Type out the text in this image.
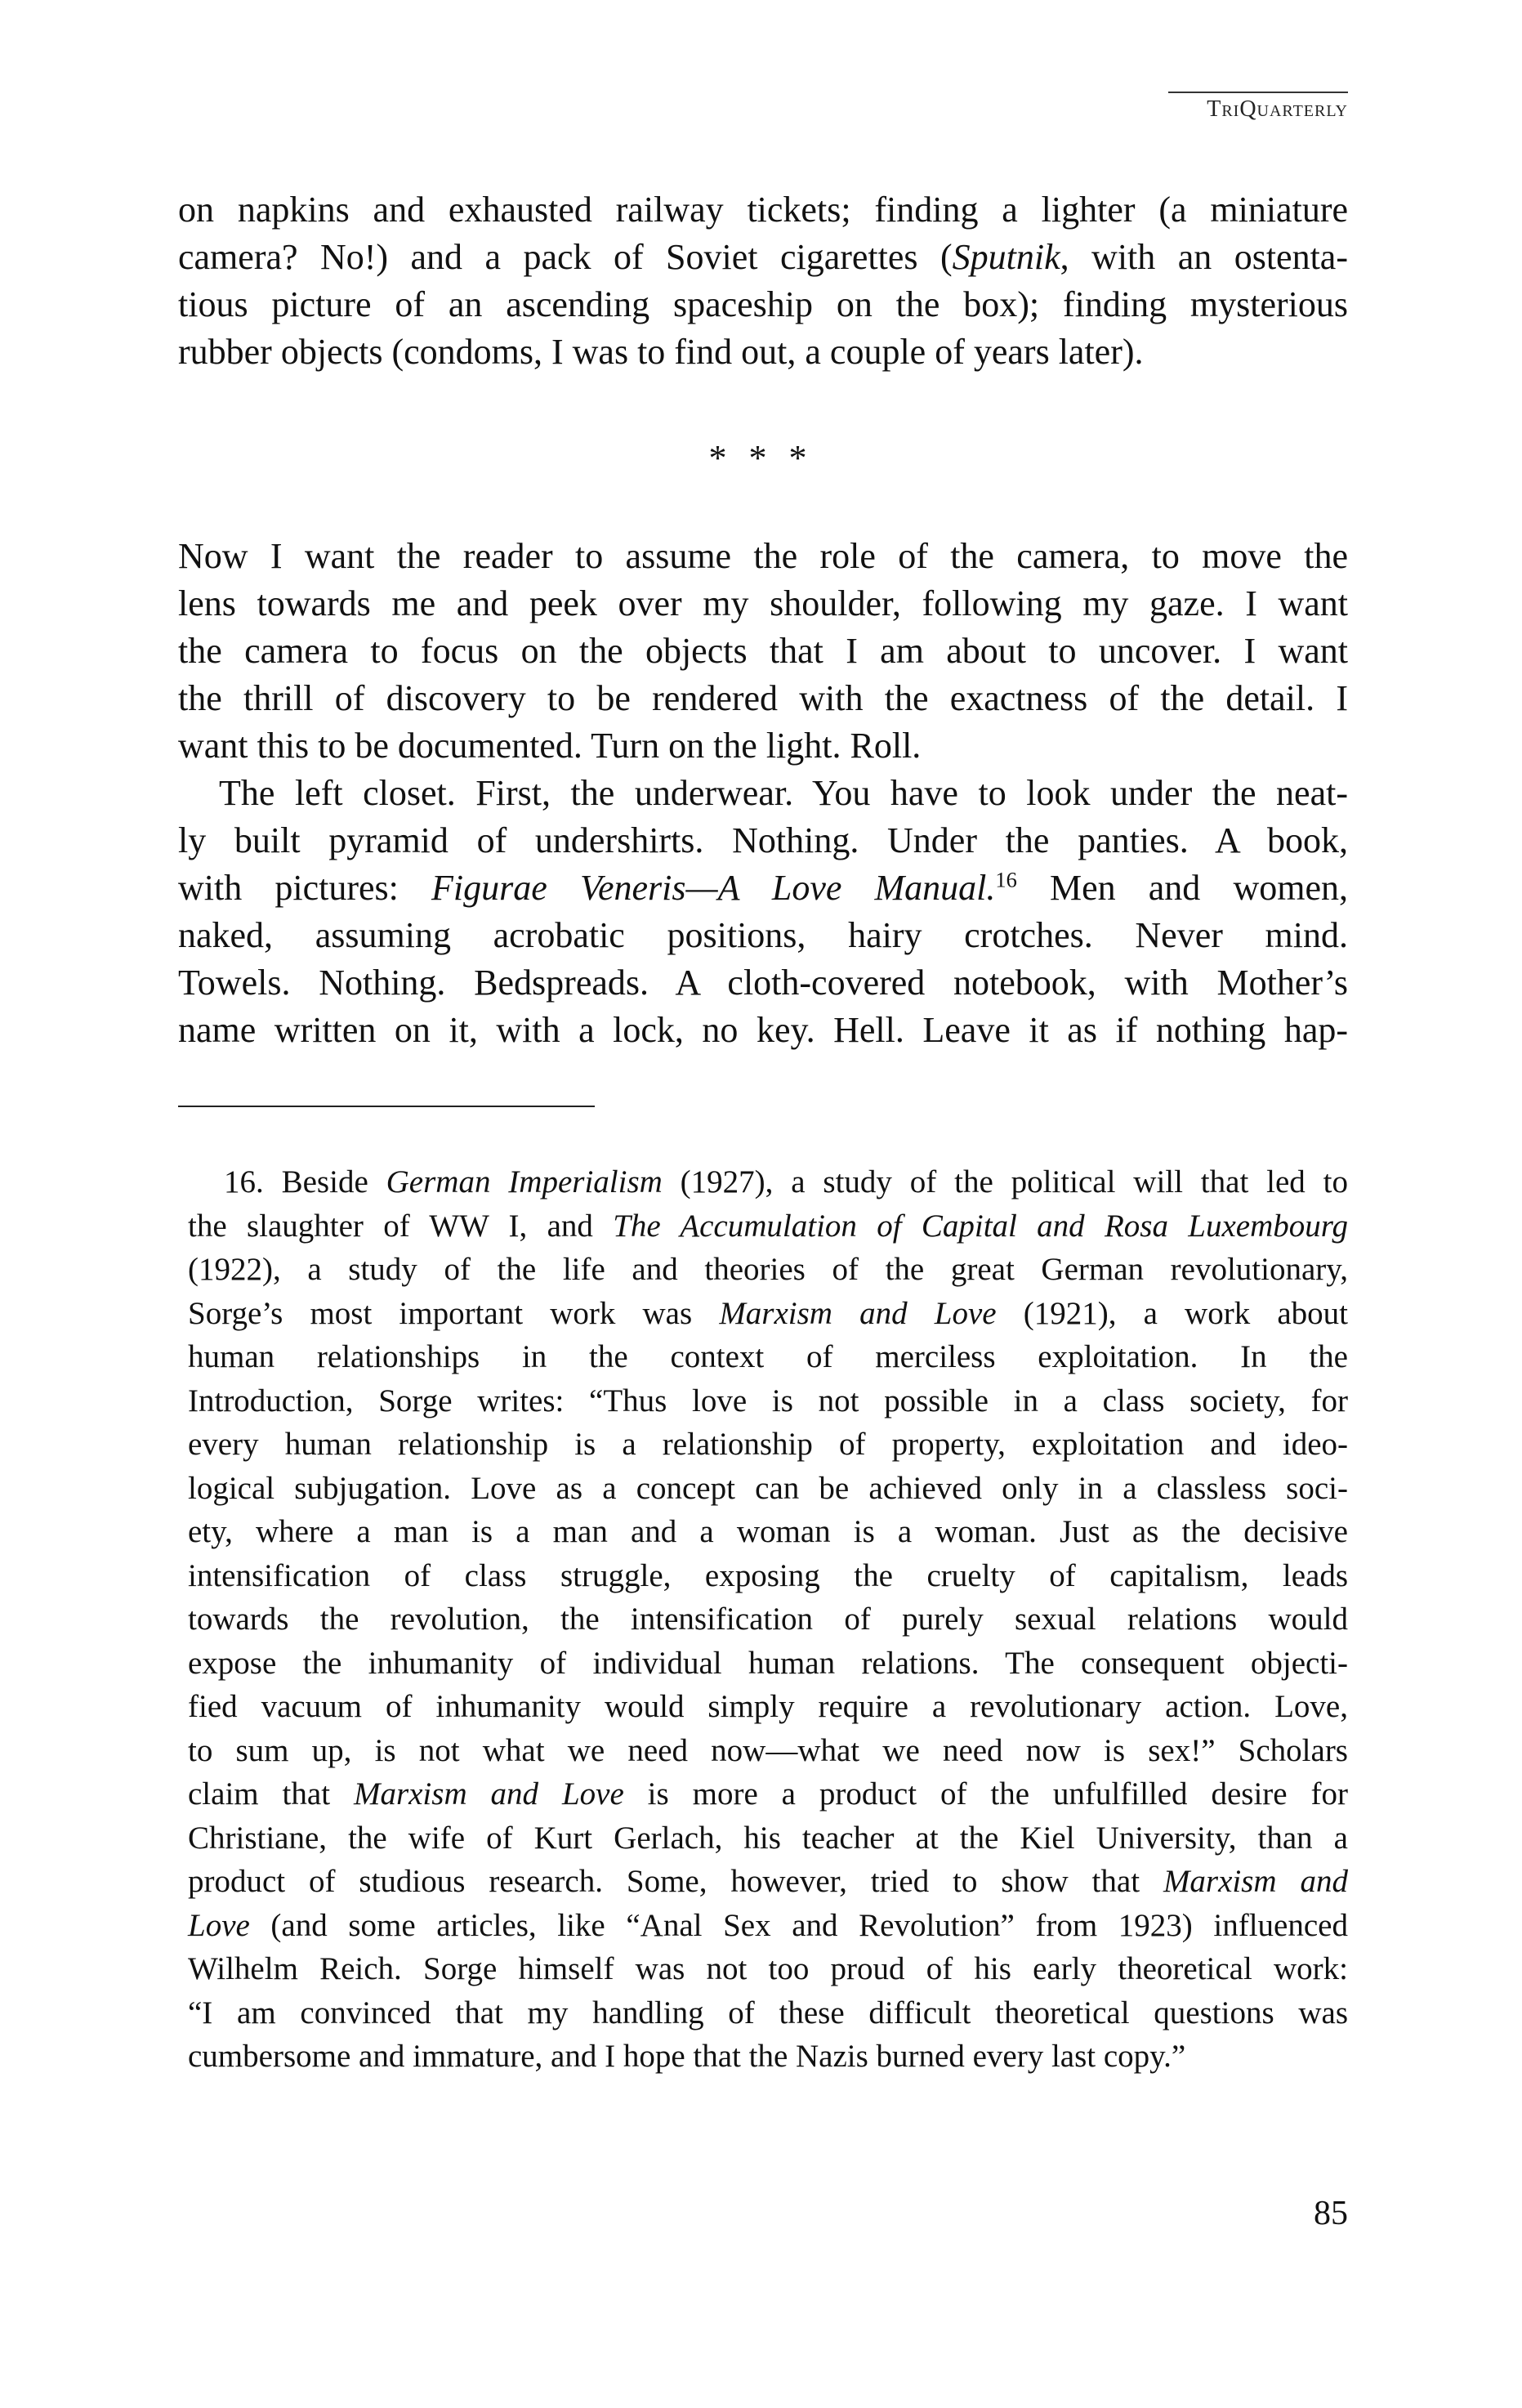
TriQuarterly

on napkins and exhausted railway tickets; finding a lighter (a miniature
camera? No!) and a pack of Soviet cigarettes (Sputnik, with an ostenta-
tious picture of an ascending spaceship on the box); finding mysterious
rubber objects (condoms, I was to find out, a couple of years later).

* * *

Now I want the reader to assume the role of the camera, to move the
lens towards me and peek over my shoulder, following my gaze. I want
the camera to focus on the objects that I am about to uncover. I want
the thrill of discovery to be rendered with the exactness of the detail. I
want this to be documented. Turn on the light. Roll.

The left closet. First, the underwear. You have to look under the neat-
ly built pyramid of undershirts. Nothing. Under the panties. A book,
with pictures: Figurae Veneris—A Love Manual.$^{16}$ Men and women,
naked, assuming acrobatic positions, hairy crotches. Never mind.
Towels. Nothing. Bedspreads. A cloth-covered notebook, with Mother’s
name written on it, with a lock, no key. Hell. Leave it as if nothing hap-

16. Beside German Imperialism (1927), a study of the political will that led to
the slaughter of WW I, and The Accumulation of Capital and Rosa Luxembourg
(1922), a study of the life and theories of the great German revolutionary,
Sorge’s most important work was Marxism and Love (1921), a work about
human relationships in the context of merciless exploitation. In the
Introduction, Sorge writes: “Thus love is not possible in a class society, for
every human relationship is a relationship of property, exploitation and ideo-
logical subjugation. Love as a concept can be achieved only in a classless soci-
ety, where a man is a man and a woman is a woman. Just as the decisive
intensification of class struggle, exposing the cruelty of capitalism, leads
towards the revolution, the intensification of purely sexual relations would
expose the inhumanity of individual human relations. The consequent objecti-
fied vacuum of inhumanity would simply require a revolutionary action. Love,
to sum up, is not what we need now—what we need now is sex!” Scholars
claim that Marxism and Love is more a product of the unfulfilled desire for
Christiane, the wife of Kurt Gerlach, his teacher at the Kiel University, than a
product of studious research. Some, however, tried to show that Marxism and
Love (and some articles, like “Anal Sex and Revolution” from 1923) influenced
Wilhelm Reich. Sorge himself was not too proud of his early theoretical work:
“I am convinced that my handling of these difficult theoretical questions was
cumbersome and immature, and I hope that the Nazis burned every last copy.”

85
